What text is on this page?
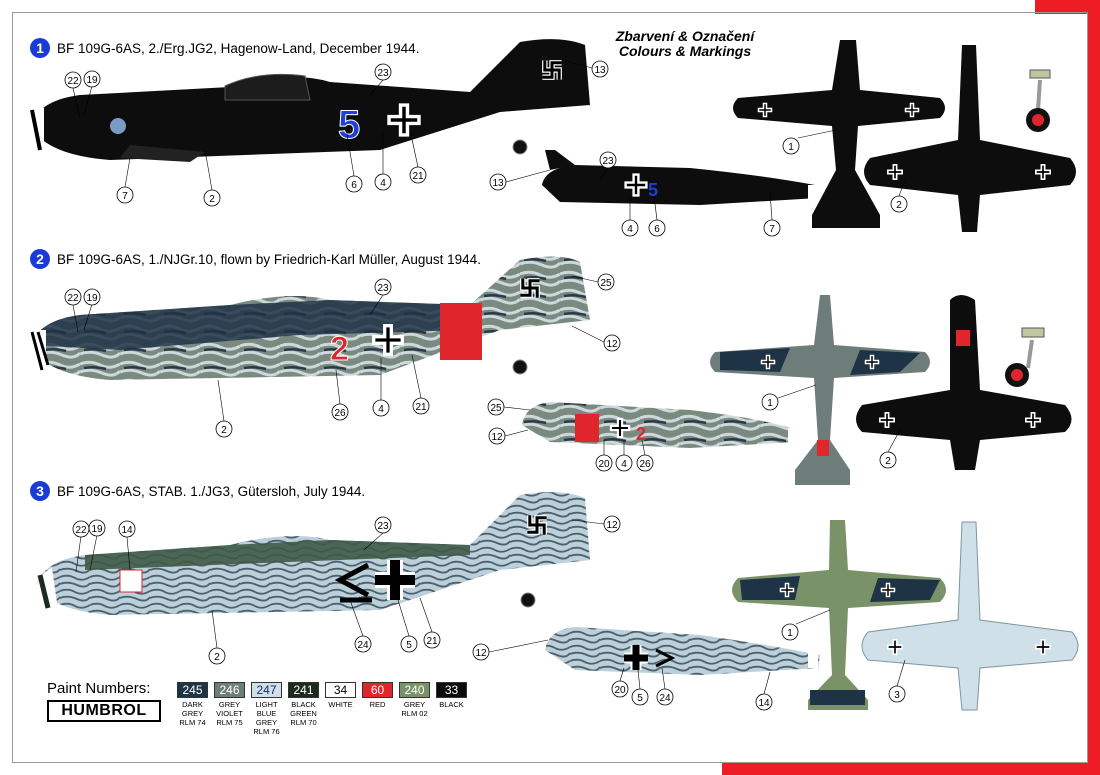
Zbarvení & Označení
Colours & Markings
1 BF 109G-6AS, 2./Erg.JG2, Hagenow-Land, December 1944.
2 BF 109G-6AS, 1./NJGr.10, flown by Friedrich-Karl Müller, August 1944.
3 BF 109G-6AS, STAB. 1./JG3, Gütersloh, July 1944.
5
5
2
2
22 19
23	13
6 4
21
7	2
23
13
4 6	7
1
2
22 19
23	25
12
2
26	4	21	25
12
20 4 26
1
2
22 19 14	23	12
24	5 21
2	12
20
5 24	14
1
3
Paint Numbers:
HUMBROL
245
DARK
GREY
RLM 74
246
GREY
VIOLET
RLM 75
247
LIGHT
BLUE
GREY
RLM 76
241
BLACK
GREEN
RLM 70
34
WHITE
60
RED
240
GREY
RLM 02
33
BLACK
